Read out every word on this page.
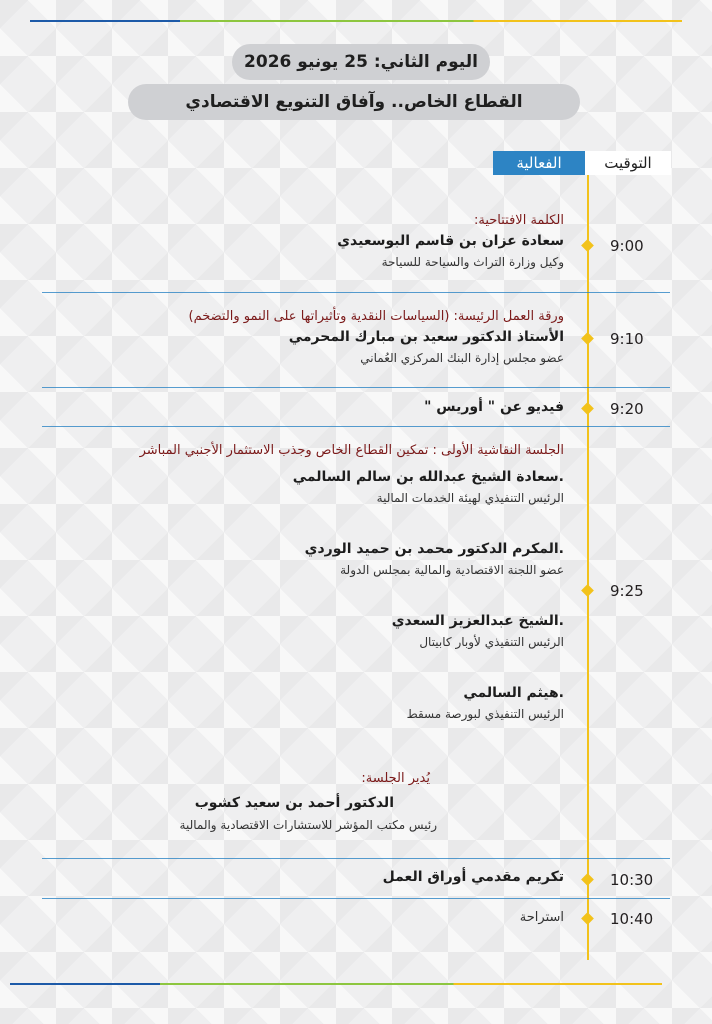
اليوم الثاني: 25 يونيو 2026
القطاع الخاص.. وآفاق التنويع الاقتصادي
التوقيت
الفعالية
9:00
الكلمة الافتتاحية:
سعادة عزان بن قاسم البوسعيدي
وكيل وزارة التراث والسياحة للسياحة
9:10
ورقة العمل الرئيسة: (السياسات النقدية وتأثيراتها على النمو والتضخم)
الأستاذ الدكتور سعيد بن مبارك المحرمي
عضو مجلس إدارة البنك المركزي العُماني
9:20
فيديو عن " أوريس "
9:25
الجلسة النقاشية الأولى : تمكين القطاع الخاص وجذب الاستثمار الأجنبي المباشر
.سعادة الشيخ عبدالله بن سالم السالمي
الرئيس التنفيذي لهيئة الخدمات المالية
.المكرم الدكتور محمد بن حميد الوردي
عضو اللجنة الاقتصادية والمالية بمجلس الدولة
.الشيخ عبدالعزيز السعدي
الرئيس التنفيذي لأوبار كابيتال
.هيثم السالمي
الرئيس التنفيذي لبورصة مسقط
يُدير الجلسة:
الدكتور أحمد بن سعيد كشوب
رئيس مكتب المؤشر للاستشارات الاقتصادية والمالية
10:30
تكريم مقدمي أوراق العمل
10:40
استراحة
